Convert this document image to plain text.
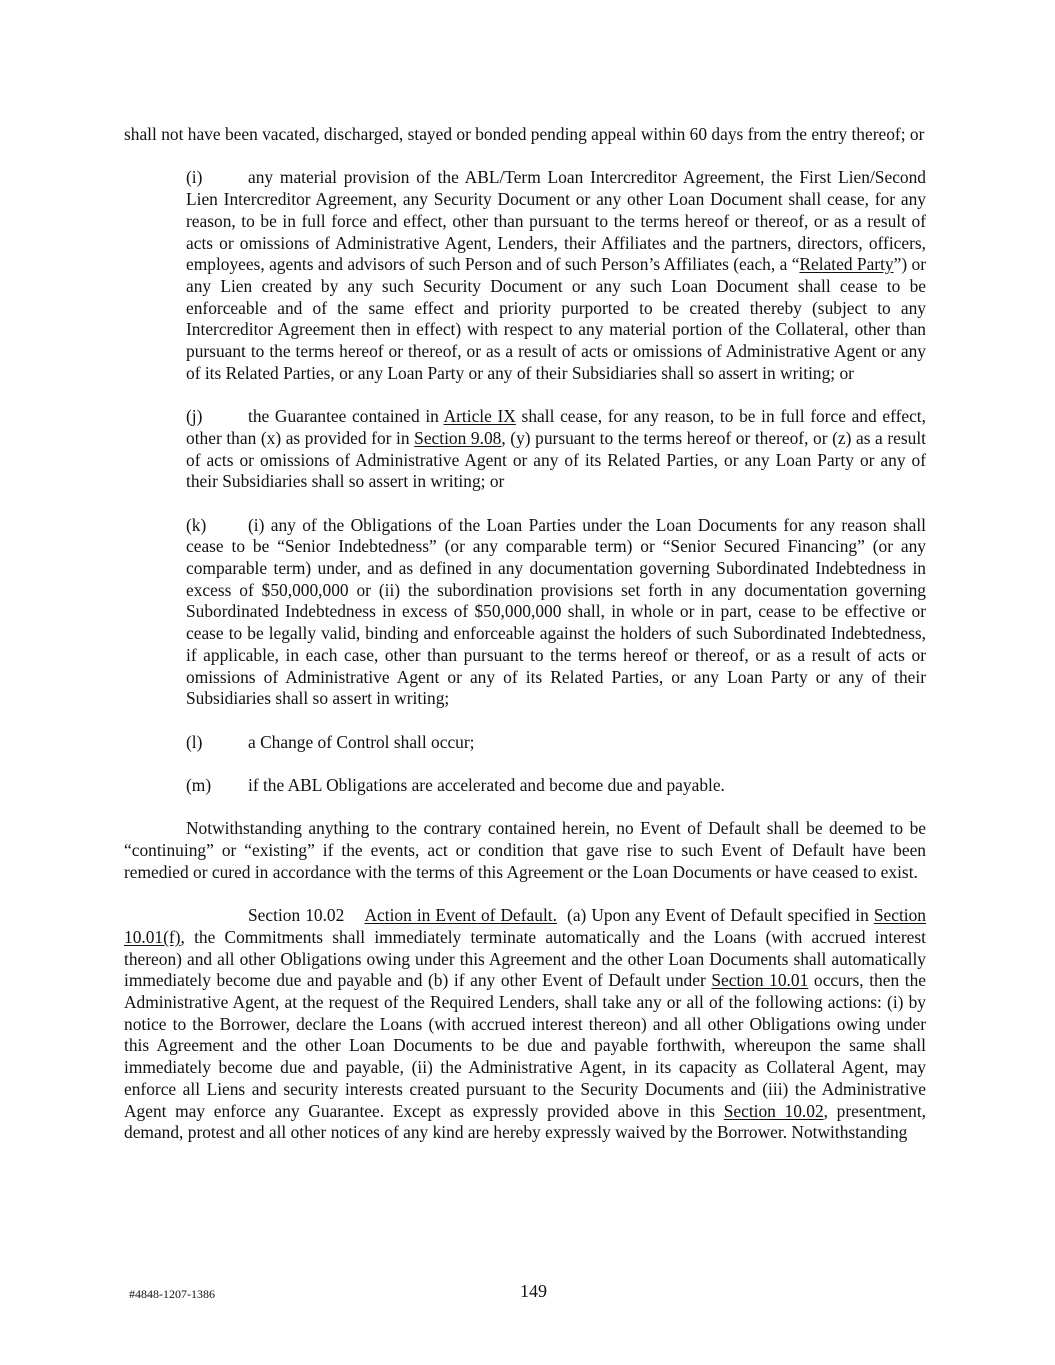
shall not have been vacated, discharged, stayed or bonded pending appeal within 60 days from the entry thereof; or

(i)	any material provision of the ABL/Term Loan Intercreditor Agreement, the First Lien/Second Lien Intercreditor Agreement, any Security Document or any other Loan Document shall cease, for any reason, to be in full force and effect, other than pursuant to the terms hereof or thereof, or as a result of acts or omissions of Administrative Agent, Lenders, their Affiliates and the partners, directors, officers, employees, agents and advisors of such Person and of such Person’s Affiliates (each, a “Related Party”) or any Lien created by any such Security Document or any such Loan Document shall cease to be enforceable and of the same effect and priority purported to be created thereby (subject to any Intercreditor Agreement then in effect) with respect to any material portion of the Collateral, other than pursuant to the terms hereof or thereof, or as a result of acts or omissions of Administrative Agent or any of its Related Parties, or any Loan Party or any of their Subsidiaries shall so assert in writing; or

(j)	the Guarantee contained in Article IX shall cease, for any reason, to be in full force and effect, other than (x) as provided for in Section 9.08, (y) pursuant to the terms hereof or thereof, or (z) as a result of acts or omissions of Administrative Agent or any of its Related Parties, or any Loan Party or any of their Subsidiaries shall so assert in writing; or

(k) (i) any of the Obligations of the Loan Parties under the Loan Documents for any reason shall cease to be “Senior Indebtedness” (or any comparable term) or “Senior Secured Financing” (or any comparable term) under, and as defined in any documentation governing Subordinated Indebtedness in excess of $50,000,000 or (ii) the subordination provisions set forth in any documentation governing Subordinated Indebtedness in excess of $50,000,000 shall, in whole or in part, cease to be effective or cease to be legally valid, binding and enforceable against the holders of such Subordinated Indebtedness, if applicable, in each case, other than pursuant to the terms hereof or thereof, or as a result of acts or omissions of Administrative Agent or any of its Related Parties, or any Loan Party or any of their Subsidiaries shall so assert in writing;

(l)	a Change of Control shall occur;

(m) if the ABL Obligations are accelerated and become due and payable.

Notwithstanding anything to the contrary contained herein, no Event of Default shall be deemed to be “continuing” or “existing” if the events, act or condition that gave rise to such Event of Default have been remedied or cured in accordance with the terms of this Agreement or the Loan Documents or have ceased to exist.

Section 10.02 Action in Event of Default.  (a) Upon any Event of Default specified in Section 10.01(f), the Commitments shall immediately terminate automatically and the Loans (with accrued interest thereon) and all other Obligations owing under this Agreement and the other Loan Documents shall automatically immediately become due and payable and (b) if any other Event of Default under Section 10.01 occurs, then the Administrative Agent, at the request of the Required Lenders, shall take any or all of the following actions: (i) by notice to the Borrower, declare the Loans (with accrued interest thereon) and all other Obligations owing under this Agreement and the other Loan Documents to be due and payable forthwith, whereupon the same shall immediately become due and payable, (ii) the Administrative Agent, in its capacity as Collateral Agent, may enforce all Liens and security interests created pursuant to the Security Documents and (iii) the Administrative Agent may enforce any Guarantee. Except as expressly provided above in this Section 10.02, presentment, demand, protest and all other notices of any kind are hereby expressly waived by the Borrower. Notwithstanding

#4848-1207-1386	149
